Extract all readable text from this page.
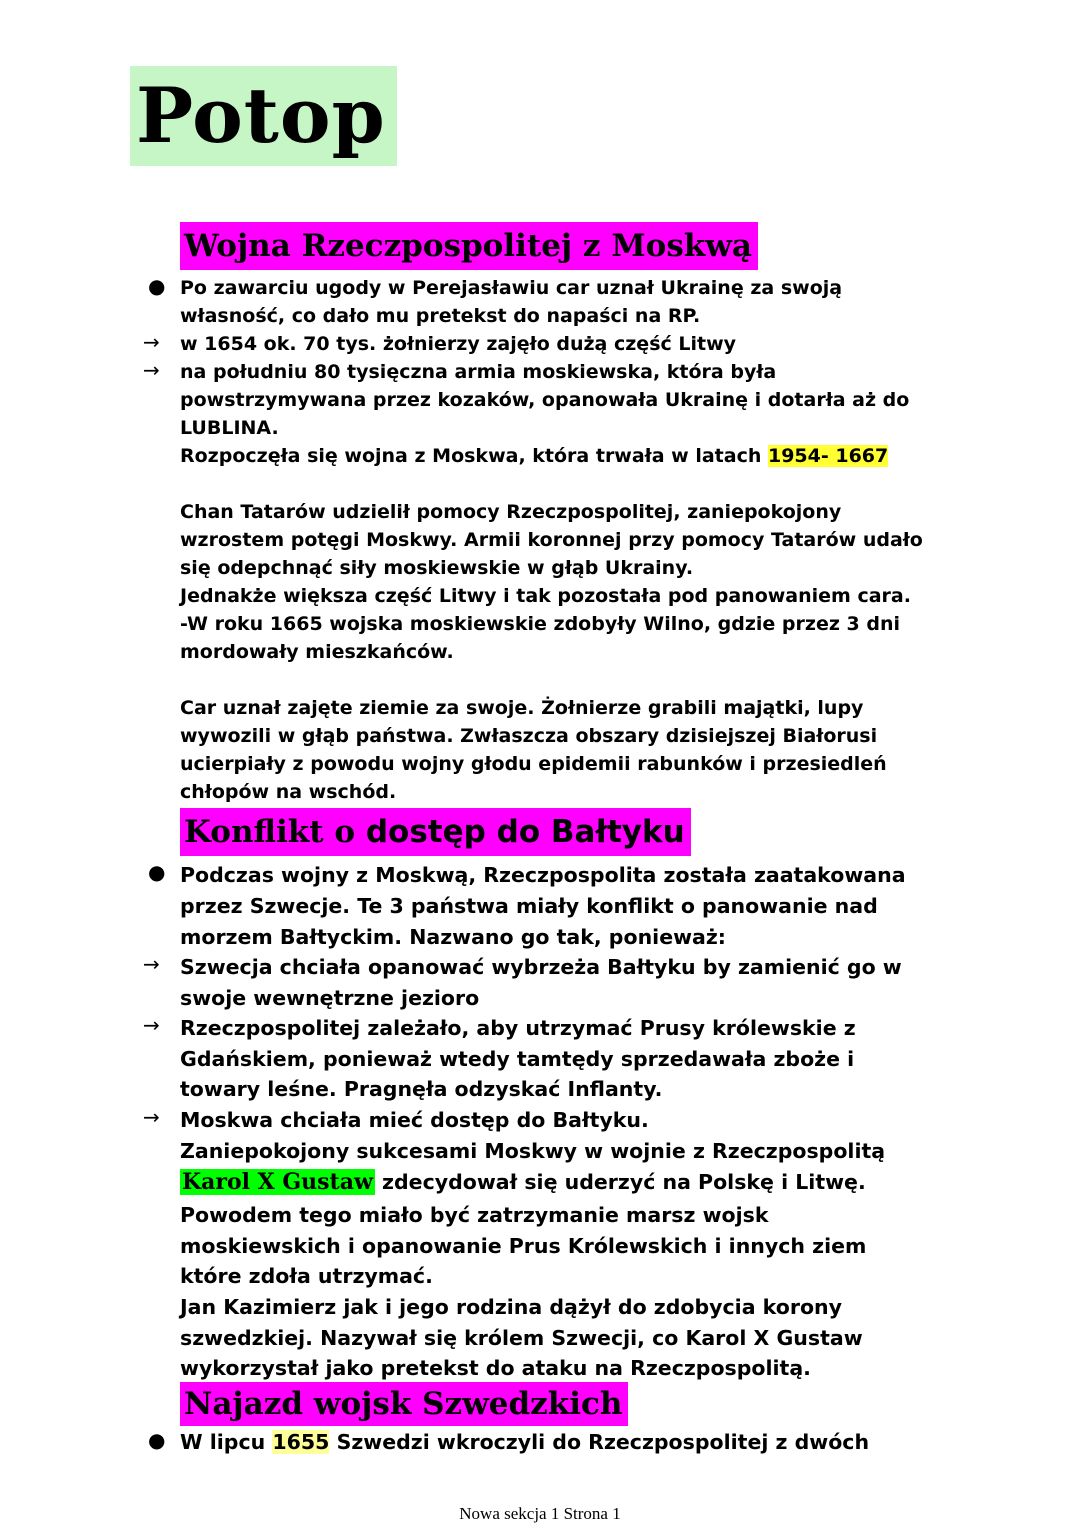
Potop
Wojna Rzeczpospolitej z Moskwą
● Po zawarciu ugody w Perejasławiu car uznał Ukrainę za swoją
własność, co dało mu pretekst do napaści na RP.
→ w 1654 ok. 70 tys. żołnierzy zajęło dużą część Litwy
→ na południu 80 tysięczna armia moskiewska, która była
powstrzymywana przez kozaków, opanowała Ukrainę i dotarła aż do
LUBLINA.
Rozpoczęła się wojna z Moskwa, która trwała w latach 1954- 1667
Chan Tatarów udzielił pomocy Rzeczpospolitej, zaniepokojony
wzrostem potęgi Moskwy. Armii koronnej przy pomocy Tatarów udało
się odepchnąć siły moskiewskie w głąb Ukrainy.
Jednakże większa część Litwy i tak pozostała pod panowaniem cara.
-W roku 1665 wojska moskiewskie zdobyły Wilno, gdzie przez 3 dni
mordowały mieszkańców.
Car uznał zajęte ziemie za swoje. Żołnierze grabili majątki, lupy
wywozili w głąb państwa. Zwłaszcza obszary dzisiejszej Białorusi
ucierpiały z powodu wojny głodu epidemii rabunków i przesiedleń
chłopów na wschód.
Konflikt o dostęp do Bałtyku
● Podczas wojny z Moskwą, Rzeczpospolita została zaatakowana
przez Szwecje. Te 3 państwa miały konflikt o panowanie nad
morzem Bałtyckim. Nazwano go tak, ponieważ:
→ Szwecja chciała opanować wybrzeża Bałtyku by zamienić go w
swoje wewnętrzne jezioro
→ Rzeczpospolitej zależało, aby utrzymać Prusy królewskie z
Gdańskiem, ponieważ wtedy tamtędy sprzedawała zboże i
towary leśne. Pragnęła odzyskać Inflanty.
→ Moskwa chciała mieć dostęp do Bałtyku.
Zaniepokojony sukcesami Moskwy w wojnie z Rzeczpospolitą
Karol X Gustaw zdecydował się uderzyć na Polskę i Litwę.
Powodem tego miało być zatrzymanie marsz wojsk
moskiewskich i opanowanie Prus Królewskich i innych ziem
które zdoła utrzymać.
Jan Kazimierz jak i jego rodzina dążył do zdobycia korony
szwedzkiej. Nazywał się królem Szwecji, co Karol X Gustaw
wykorzystał jako pretekst do ataku na Rzeczpospolitą.
Najazd wojsk Szwedzkich
● W lipcu 1655 Szwedzi wkroczyli do Rzeczpospolitej z dwóch
Nowa sekcja 1 Strona 1
